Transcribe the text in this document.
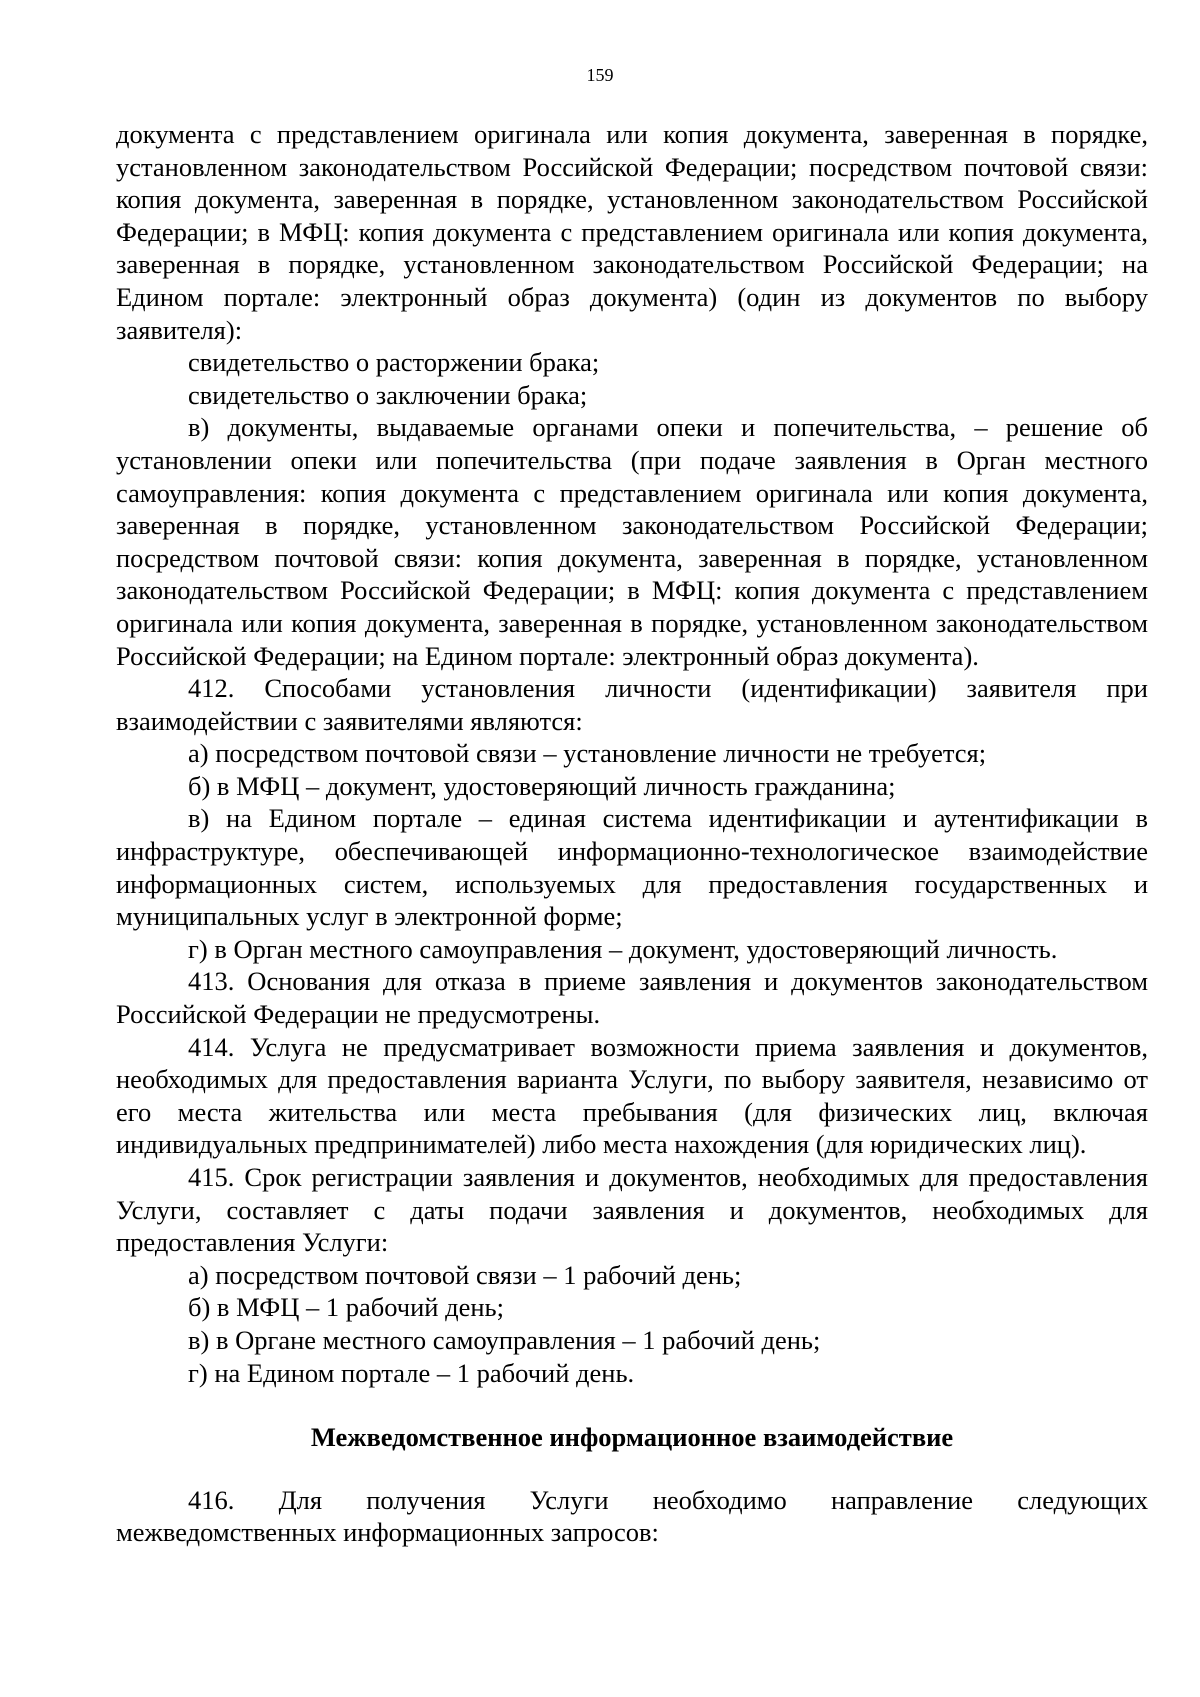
159

документа с представлением оригинала или копия документа, заверенная в порядке, установленном законодательством Российской Федерации; посредством почтовой связи: копия документа, заверенная в порядке, установленном законодательством Российской Федерации; в МФЦ: копия документа с представлением оригинала или копия документа, заверенная в порядке, установленном законодательством Российской Федерации; на Едином портале: электронный образ документа) (один из документов по выбору заявителя):

свидетельство о расторжении брака;

свидетельство о заключении брака;

в) документы, выдаваемые органами опеки и попечительства, – решение об установлении опеки или попечительства (при подаче заявления в Орган местного самоуправления: копия документа с представлением оригинала или копия документа, заверенная в порядке, установленном законодательством Российской Федерации; посредством почтовой связи: копия документа, заверенная в порядке, установленном законодательством Российской Федерации; в МФЦ: копия документа с представлением оригинала или копия документа, заверенная в порядке, установленном законодательством Российской Федерации; на Едином портале: электронный образ документа).

412. Способами установления личности (идентификации) заявителя при взаимодействии с заявителями являются:

а) посредством почтовой связи – установление личности не требуется;

б) в МФЦ – документ, удостоверяющий личность гражданина;

в) на Едином портале – единая система идентификации и аутентификации в инфраструктуре, обеспечивающей информационно-технологическое взаимодействие информационных систем, используемых для предоставления государственных и муниципальных услуг в электронной форме;

г) в Орган местного самоуправления – документ, удостоверяющий личность.

413. Основания для отказа в приеме заявления и документов законодательством Российской Федерации не предусмотрены.

414. Услуга не предусматривает возможности приема заявления и документов, необходимых для предоставления варианта Услуги, по выбору заявителя, независимо от его места жительства или места пребывания (для физических лиц, включая индивидуальных предпринимателей) либо места нахождения (для юридических лиц).

415. Срок регистрации заявления и документов, необходимых для предоставления Услуги, составляет с даты подачи заявления и документов, необходимых для предоставления Услуги:

а) посредством почтовой связи – 1 рабочий день;

б) в МФЦ – 1 рабочий день;

в) в Органе местного самоуправления – 1 рабочий день;

г) на Едином портале – 1 рабочий день.

Межведомственное информационное взаимодействие

416. Для получения Услуги необходимо направление следующих межведомственных информационных запросов:
